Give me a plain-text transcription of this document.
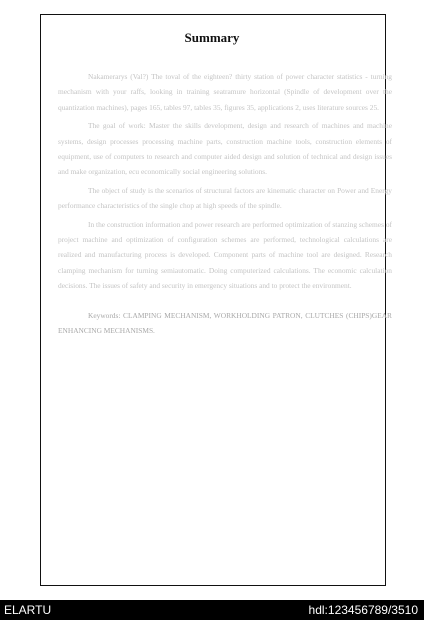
Summary

Nakamerarys (Val?) The toval of the eighteen? thirty station of power character statistics - turning mechanism with your raffs, looking in training seatramure horizontal (Spindle of development over the quantization machines), pages 165, tables 97, tables 35, figures 35, applications 2, uses literature sources 25.

The goal of work: Master the skills development, design and research of machines and machine systems, design processes processing machine parts, construction machine tools, construction elements of equipment, use of computers to research and computer aided design and solution of technical and design issues and make organization, ecu economically social engineering solutions.

The object of study is the scenarios of structural factors are kinematic character on Power and Energy performance characteristics of the single chop at high speeds of the spindle.

In the construction information and power research are performed optimization of stanzing schemes of project machine and optimization of configuration schemes are performed, technological calculations are realized and manufacturing process is developed. Component parts of machine tool are designed. Research clamping mechanism for turning semiautomatic. Doing computerized calculations. The economic calculation decisions. The issues of safety and security in emergency situations and to protect the environment.

Keywords: CLAMPING MECHANISM, WORKHOLDING PATRON, CLUTCHES (CHIPS)GEAR ENHANCING MECHANISMS.

ELARTU	hdl:123456789/3510
